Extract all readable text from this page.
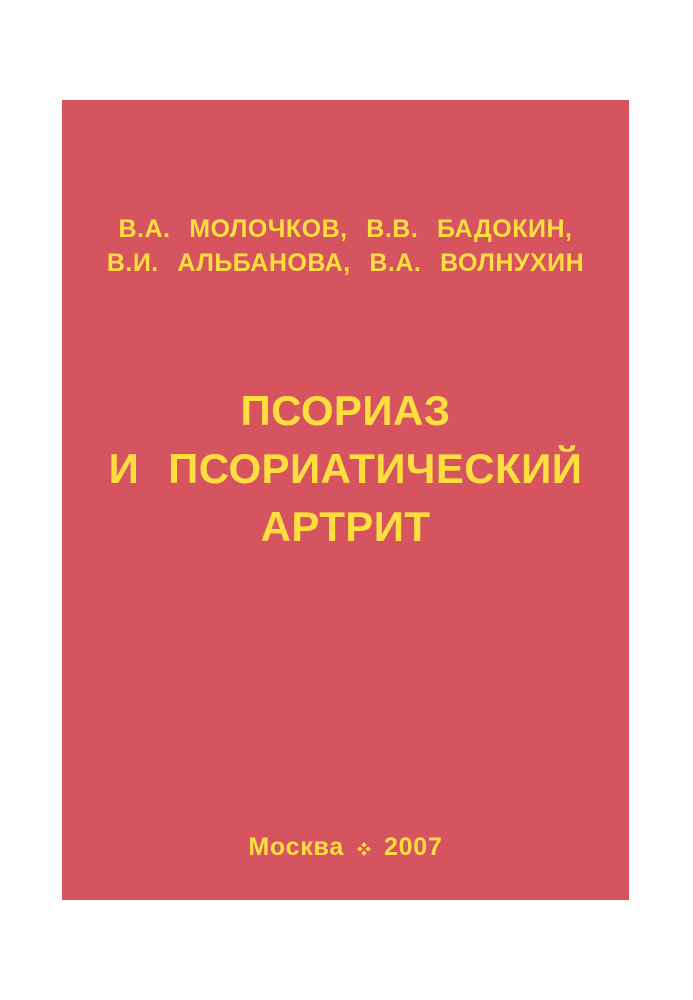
В.А. МОЛОЧКОВ, В.В. БАДОКИН,
В.И. АЛЬБАНОВА, В.А. ВОЛНУХИН
ПСОРИАЗ
И ПСОРИАТИЧЕСКИЙ
АРТРИТ
Москва 2007
